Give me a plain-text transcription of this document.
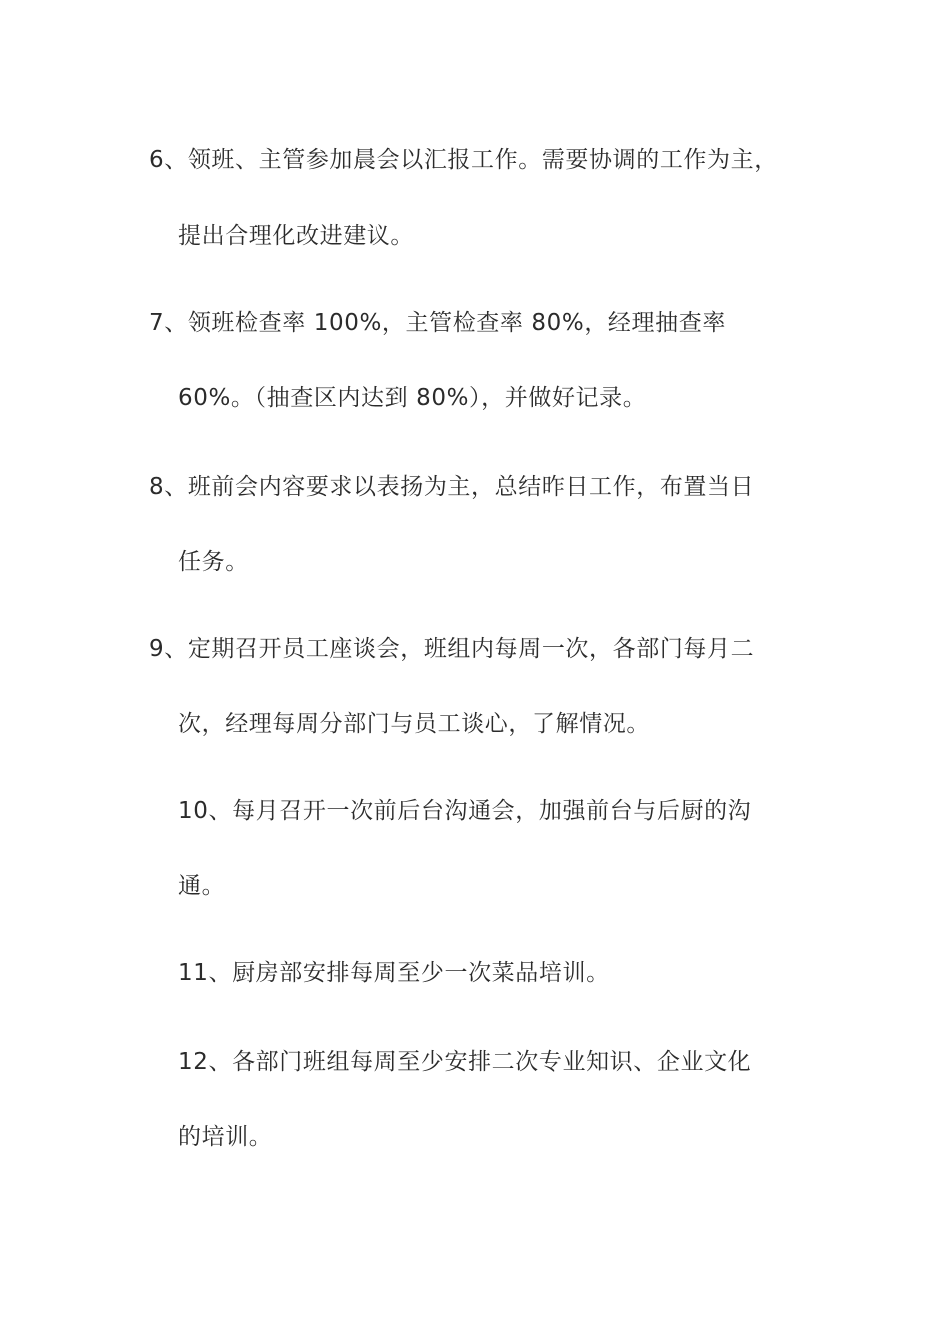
6、领班、主管参加晨会以汇报工作。需要协调的工作为主，
提出合理化改进建议。
7、领班检查率 100%，主管检查率 80%，经理抽查率
60%。（抽查区内达到 80%），并做好记录。
8、班前会内容要求以表扬为主，总结昨日工作，布置当日
任务。
9、定期召开员工座谈会，班组内每周一次，各部门每月二
次，经理每周分部门与员工谈心，了解情况。
10、每月召开一次前后台沟通会，加强前台与后厨的沟
通。
11、厨房部安排每周至少一次菜品培训。
12、各部门班组每周至少安排二次专业知识、企业文化
的培训。
